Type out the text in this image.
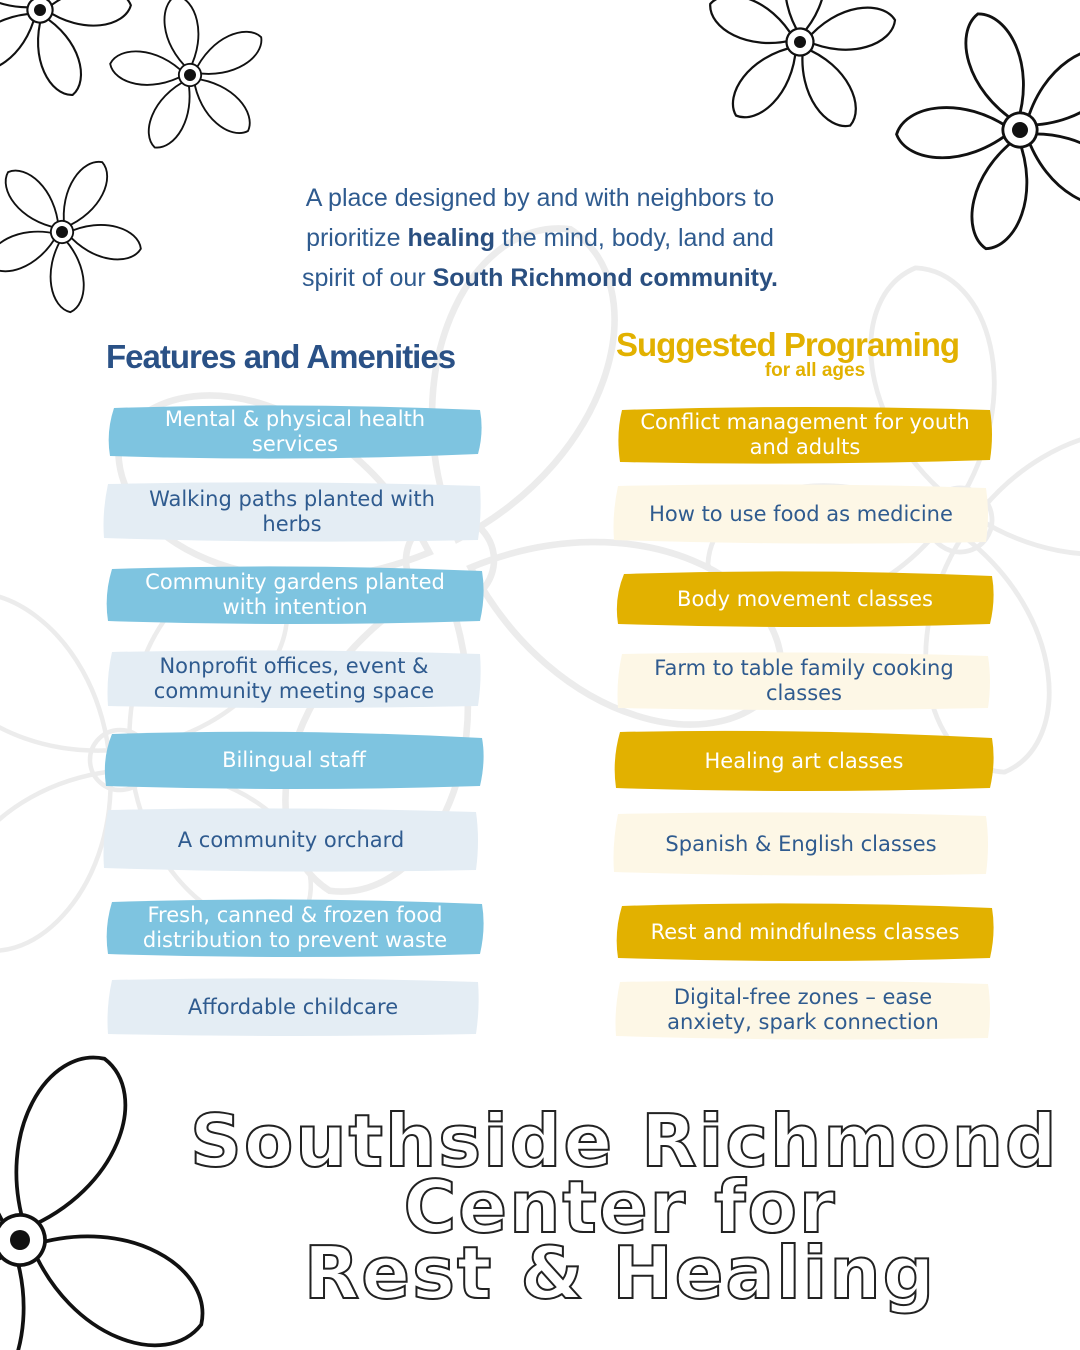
A place designed by and with neighbors to
prioritize healing the mind, body, land and
spirit of our South Richmond community.
Features and Amenities	Suggested Programing
for all ages
Mental & physical health services
Walking paths planted with herbs
Community gardens planted with intention
Nonprofit offices, event & community meeting space
Bilingual staff
A community orchard
Fresh, canned & frozen food distribution to prevent waste
Affordable childcare
Conflict management for youth and adults
How to use food as medicine
Body movement classes
Farm to table family cooking classes
Healing art classes
Spanish & English classes
Rest and mindfulness classes
Digital-free zones – ease anxiety, spark connection
Southside Richmond
Center for
Rest & Healing
